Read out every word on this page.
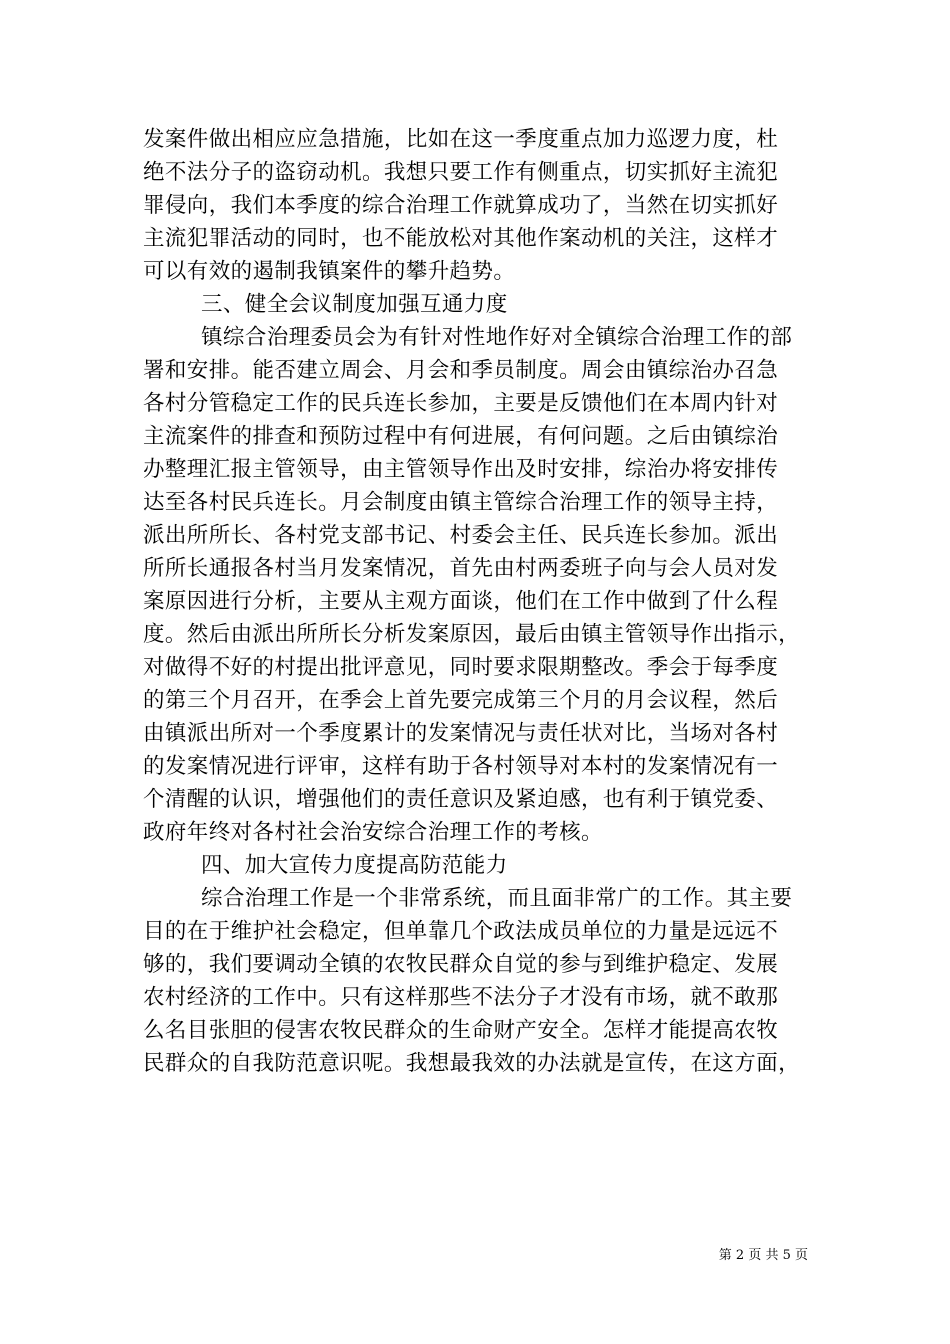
发案件做出相应应急措施，比如在这一季度重点加力巡逻力度，杜
绝不法分子的盗窃动机。我想只要工作有侧重点，切实抓好主流犯
罪侵向，我们本季度的综合治理工作就算成功了，当然在切实抓好
主流犯罪活动的同时，也不能放松对其他作案动机的关注，这样才
可以有效的遏制我镇案件的攀升趋势。
三、健全会议制度加强互通力度
镇综合治理委员会为有针对性地作好对全镇综合治理工作的部
署和安排。能否建立周会、月会和季员制度。周会由镇综治办召急
各村分管稳定工作的民兵连长参加，主要是反馈他们在本周内针对
主流案件的排查和预防过程中有何进展，有何问题。之后由镇综治
办整理汇报主管领导，由主管领导作出及时安排，综治办将安排传
达至各村民兵连长。月会制度由镇主管综合治理工作的领导主持，
派出所所长、各村党支部书记、村委会主任、民兵连长参加。派出
所所长通报各村当月发案情况，首先由村两委班子向与会人员对发
案原因进行分析，主要从主观方面谈，他们在工作中做到了什么程
度。然后由派出所所长分析发案原因，最后由镇主管领导作出指示，
对做得不好的村提出批评意见，同时要求限期整改。季会于每季度
的第三个月召开，在季会上首先要完成第三个月的月会议程，然后
由镇派出所对一个季度累计的发案情况与责任状对比，当场对各村
的发案情况进行评审，这样有助于各村领导对本村的发案情况有一
个清醒的认识，增强他们的责任意识及紧迫感，也有利于镇党委、
政府年终对各村社会治安综合治理工作的考核。
四、加大宣传力度提高防范能力
综合治理工作是一个非常系统，而且面非常广的工作。其主要
目的在于维护社会稳定，但单靠几个政法成员单位的力量是远远不
够的，我们要调动全镇的农牧民群众自觉的参与到维护稳定、发展
农村经济的工作中。只有这样那些不法分子才没有市场，就不敢那
么名目张胆的侵害农牧民群众的生命财产安全。怎样才能提高农牧
民群众的自我防范意识呢。我想最我效的办法就是宣传，在这方面，
第 2 页 共 5 页
